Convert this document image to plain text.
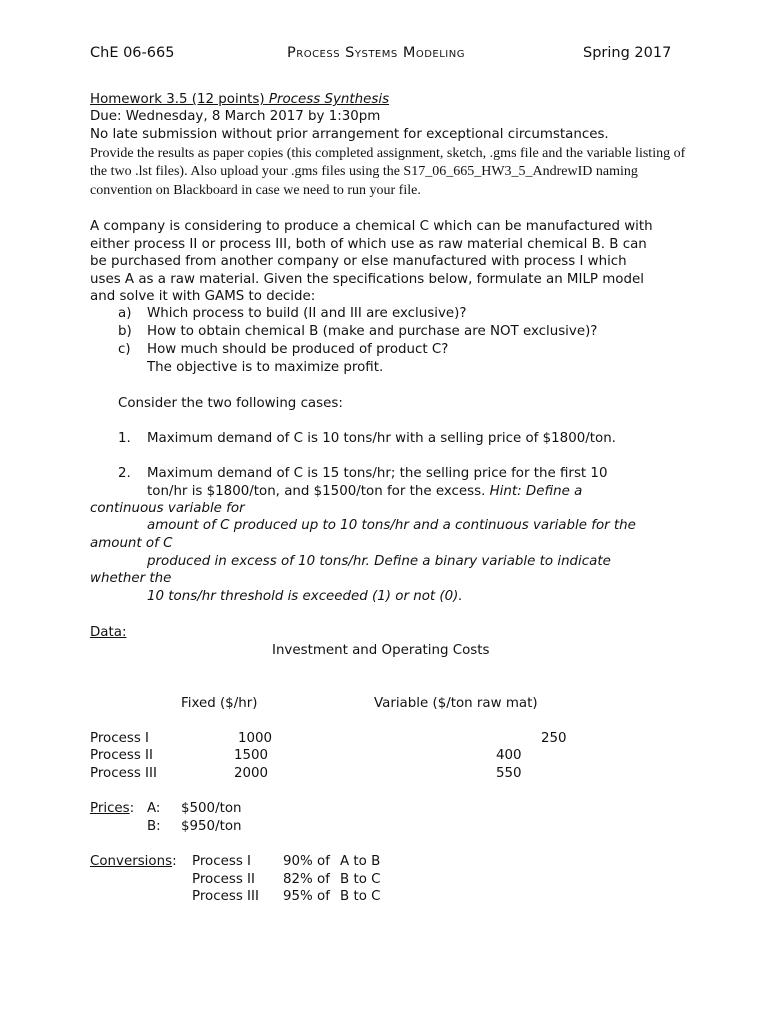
ChE 06-665	Process Systems Modeling	Spring 2017
Homework 3.5 (12 points) Process Synthesis
Due: Wednesday, 8 March 2017 by 1:30pm
No late submission without prior arrangement for exceptional circumstances.
Provide the results as paper copies (this completed assignment, sketch, .gms file and the variable listing of
the two .lst files). Also upload your .gms files using the S17_06_665_HW3_5_AndrewID naming
convention on Blackboard in case we need to run your file.
A company is considering to produce a chemical C which can be manufactured with
either process II or process III, both of which use as raw material chemical B. B can
be purchased from another company or else manufactured with process I which
uses A as a raw material. Given the specifications below, formulate an MILP model
and solve it with GAMS to decide:
a) Which process to build (II and III are exclusive)?
b) How to obtain chemical B (make and purchase are NOT exclusive)?
c) How much should be produced of product C?
The objective is to maximize profit.
Consider the two following cases:
1. Maximum demand of C is 10 tons/hr with a selling price of $1800/ton.
2. Maximum demand of C is 15 tons/hr; the selling price for the first 10
ton/hr is $1800/ton, and $1500/ton for the excess. Hint: Define a
continuous variable for
amount of C produced up to 10 tons/hr and a continuous variable for the
amount of C
produced in excess of 10 tons/hr. Define a binary variable to indicate
whether the
10 tons/hr threshold is exceeded (1) or not (0).
Data:
Investment and Operating Costs
Fixed ($/hr)	Variable ($/ton raw mat)
Process I	1000	250
Process II	1500	400
Process III	2000	550
Prices: A: $500/ton
B: $950/ton
Conversions: Process I 90% of A to B
Process II 82% of B to C
Process III 95% of B to C
